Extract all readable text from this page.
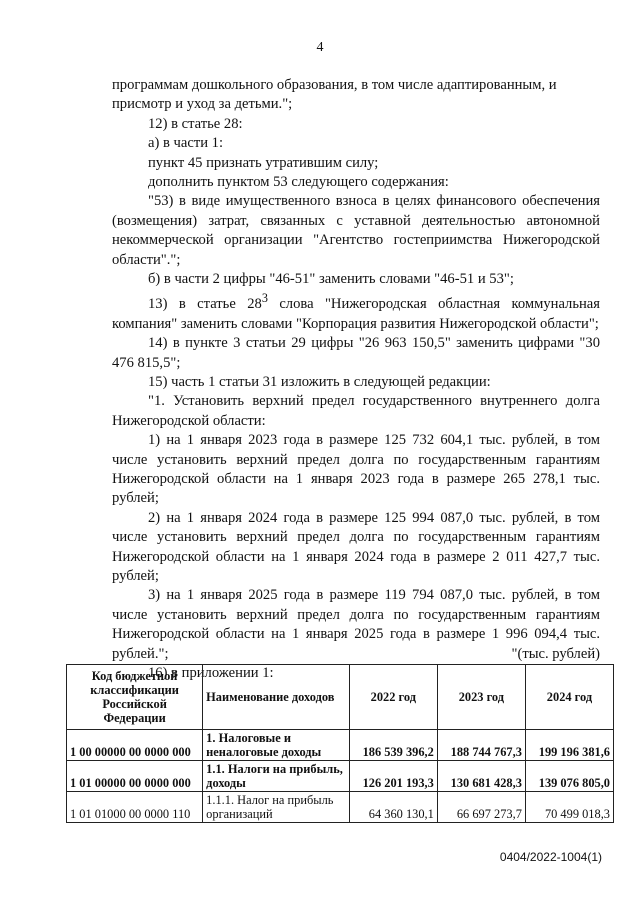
4

программам дошкольного образования, в том числе адаптированным, и присмотр и уход за детьми.";

12) в статье 28:

а) в части 1:

пункт 45 признать утратившим силу;

дополнить пунктом 53 следующего содержания:

"53) в виде имущественного взноса в целях финансового обеспечения (возмещения) затрат, связанных с уставной деятельностью автономной некоммерческой организации "Агентство гостеприимства Нижегородской области".";

б) в части 2 цифры "46-51" заменить словами "46-51 и 53";

13) в статье $28^3$ слова "Нижегородская областная коммунальная компания" заменить словами "Корпорация развития Нижегородской области";

14) в пункте 3 статьи 29 цифры "26 963 150,5" заменить цифрами "30 476 815,5";

15) часть 1 статьи 31 изложить в следующей редакции:

"1. Установить верхний предел государственного внутреннего долга Нижегородской области:

1) на 1 января 2023 года в размере 125 732 604,1 тыс. рублей, в том числе установить верхний предел долга по государственным гарантиям Нижегородской области на 1 января 2023 года в размере 265 278,1 тыс. рублей;

2) на 1 января 2024 года в размере 125 994 087,0 тыс. рублей, в том числе установить верхний предел долга по государственным гарантиям Нижегородской области на 1 января 2024 года в размере 2 011 427,7 тыс. рублей;

3) на 1 января 2025 года в размере 119 794 087,0 тыс. рублей, в том числе установить верхний предел долга по государственным гарантиям Нижегородской области на 1 января 2025 года в размере 1 996 094,4 тыс. рублей.";

16) в приложении 1:

"(тыс. рублей)
Код бюджетной классификации Российской Федерации	Наименование доходов	2022 год	2023 год	2024 год
1 00 00000 00 0000 000	1. Налоговые и неналоговые доходы	186 539 396,2	188 744 767,3	199 196 381,6
1 01 00000 00 0000 000	1.1. Налоги на прибыль, доходы	126 201 193,3	130 681 428,3	139 076 805,0
1 01 01000 00 0000 110	1.1.1. Налог на прибыль организаций	64 360 130,1	66 697 273,7	70 499 018,3
0404/2022-1004(1)
